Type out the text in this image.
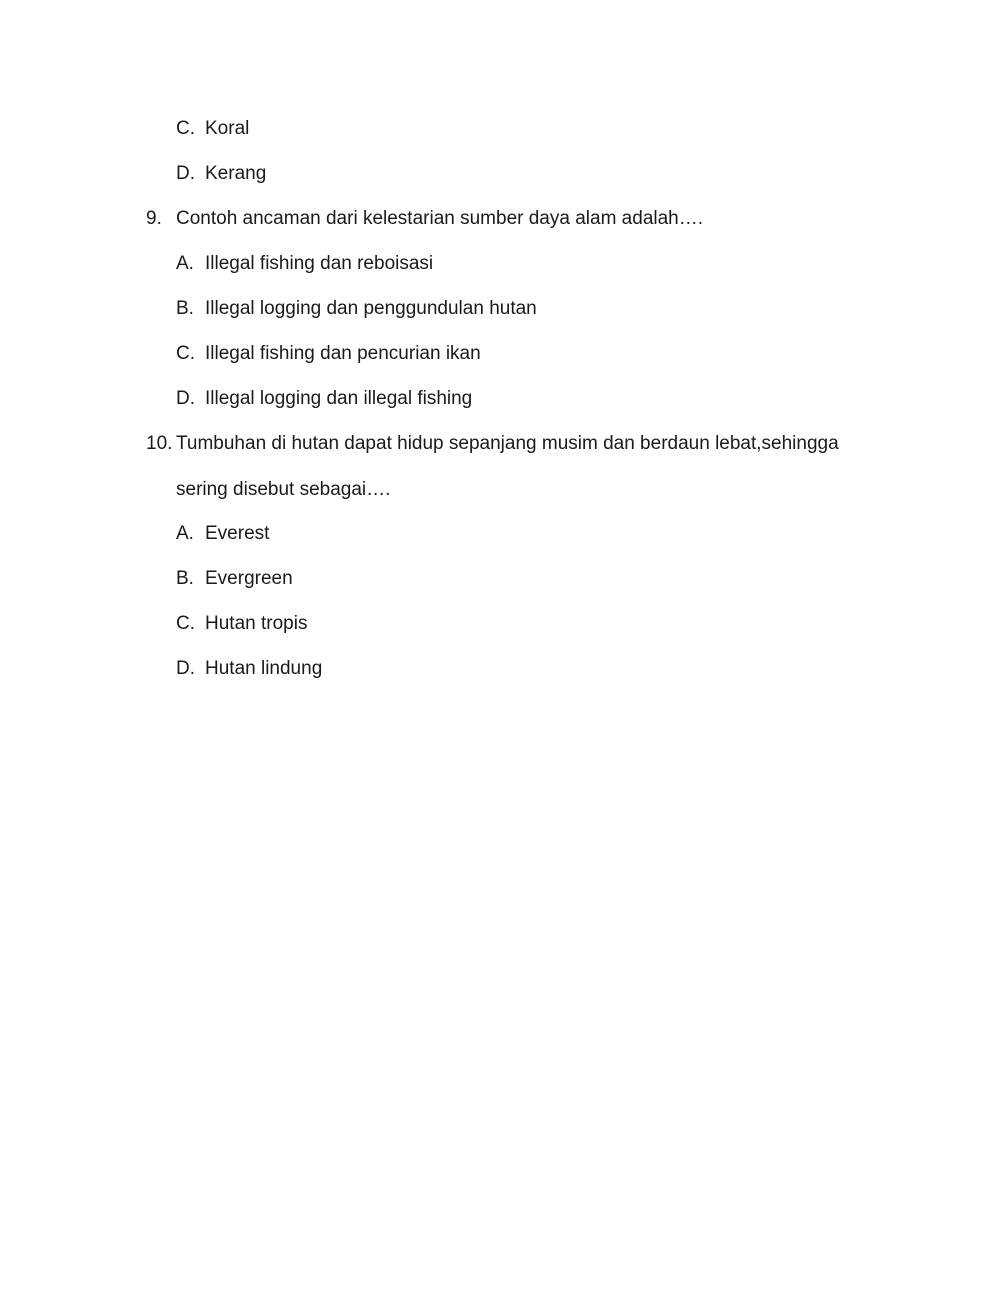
C. Koral
D. Kerang
9. Contoh ancaman dari kelestarian sumber daya alam adalah….
A. Illegal fishing dan reboisasi
B. Illegal logging dan penggundulan hutan
C. Illegal fishing dan pencurian ikan
D. Illegal logging dan illegal fishing
10. Tumbuhan di hutan dapat hidup sepanjang musim dan berdaun lebat,sehingga
sering disebut sebagai….
A. Everest
B. Evergreen
C. Hutan tropis
D. Hutan lindung
